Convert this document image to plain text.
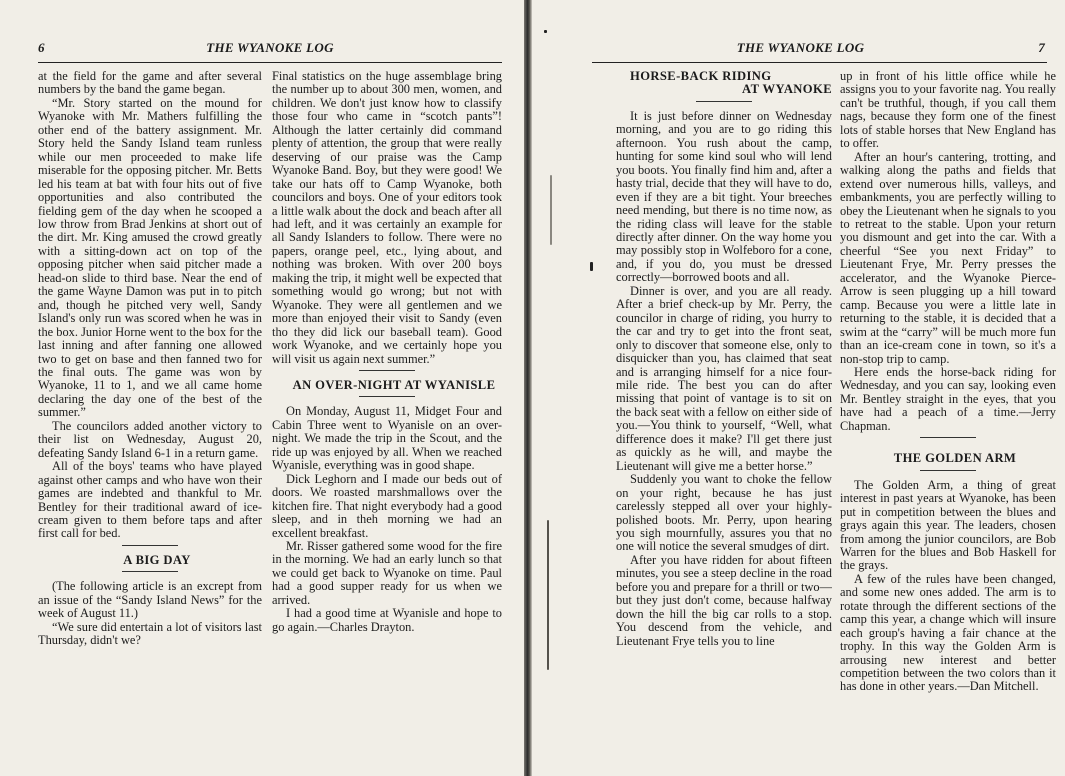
6	THE WYANOKE LOG

at the field for the game and after several numbers by the band the game began.

“Mr. Story started on the mound for Wyanoke with Mr. Mathers fulfilling the other end of the battery assignment. Mr. Story held the Sandy Island team runless while our men proceeded to make life miserable for the opposing pitcher. Mr. Betts led his team at bat with four hits out of five opportunities and also contributed the fielding gem of the day when he scooped a low throw from Brad Jenkins at short out of the dirt. Mr. King amused the crowd greatly with a sitting-down act on top of the opposing pitcher when said pitcher made a head-on slide to third base. Near the end of the game Wayne Damon was put in to pitch and, though he pitched very well, Sandy Island's only run was scored when he was in the box. Junior Horne went to the box for the last inning and after fanning one allowed two to get on base and then fanned two for the final outs. The game was won by Wyanoke, 11 to 1, and we all came home declaring the day one of the best of the summer.”

The councilors added another victory to their list on Wednesday, August 20, defeating Sandy Island 6-1 in a return game.

All of the boys' teams who have played against other camps and who have won their games are indebted and thankful to Mr. Bentley for their traditional award of ice-cream given to them before taps and after first call for bed.

A BIG DAY

(The following article is an excrept from an issue of the “Sandy Island News” for the week of August 11.)

“We sure did entertain a lot of visitors last Thursday, didn't we?

Final statistics on the huge assemblage bring the number up to about 300 men, women, and children. We don't just know how to classify those four who came in “scotch pants”! Although the latter certainly did command plenty of attention, the group that were really deserving of our praise was the Camp Wyanoke Band. Boy, but they were good! We take our hats off to Camp Wyanoke, both councilors and boys. One of your editors took a little walk about the dock and beach after all had left, and it was certainly an example for all Sandy Islanders to follow. There were no papers, orange peel, etc., lying about, and nothing was broken. With over 200 boys making the trip, it might well be expected that something would go wrong; but not with Wyanoke. They were all gentlemen and we more than enjoyed their visit to Sandy (even tho they did lick our baseball team). Good work Wyanoke, and we certainly hope you will visit us again next summer.”

AN OVER-NIGHT AT WYANISLE

On Monday, August 11, Midget Four and Cabin Three went to Wyanisle on an over-night. We made the trip in the Scout, and the ride up was enjoyed by all. When we reached Wyanisle, everything was in good shape.

Dick Leghorn and I made our beds out of doors. We roasted marshmallows over the kitchen fire. That night everybody had a good sleep, and in theh morning we had an excellent breakfast.

Mr. Risser gathered some wood for the fire in the morning. We had an early lunch so that we could get back to Wyanoke on time. Paul had a good supper ready for us when we arrived.

I had a good time at Wyanisle and hope to go again.—Charles Drayton.

THE WYANOKE LOG	7

HORSE-BACK RIDING

AT WYANOKE

It is just before dinner on Wednesday morning, and you are to go riding this afternoon. You rush about the camp, hunting for some kind soul who will lend you boots. You finally find him and, after a hasty trial, decide that they will have to do, even if they are a bit tight. Your breeches need mending, but there is no time now, as the riding class will leave for the stable directly after dinner. On the way home you may possibly stop in Wolfeboro for a cone, and, if you do, you must be dressed correctly—borrowed boots and all.

Dinner is over, and you are all ready. After a brief check-up by Mr. Perry, the councilor in charge of riding, you hurry to the car and try to get into the front seat, only to discover that someone else, only to disquicker than you, has claimed that seat and is arranging himself for a nice four-mile ride. The best you can do after missing that point of vantage is to sit on the back seat with a fellow on either side of you.—You think to yourself, “Well, what difference does it make? I'll get there just as quickly as he will, and maybe the Lieutenant will give me a better horse.”

Suddenly you want to choke the fellow on your right, because he has just carelessly stepped all over your highly-polished boots. Mr. Perry, upon hearing you sigh mournfully, assures you that no one will notice the several smudges of dirt.

After you have ridden for about fifteen minutes, you see a steep decline in the road before you and prepare for a thrill or two—but they just don't come, because halfway down the hill the big car rolls to a stop. You descend from the vehicle, and Lieutenant Frye tells you to line

up in front of his little office while he assigns you to your favorite nag. You really can't be truthful, though, if you call them nags, because they form one of the finest lots of stable horses that New England has to offer.

After an hour's cantering, trotting, and walking along the paths and fields that extend over numerous hills, valleys, and embankments, you are perfectly willing to obey the Lieutenant when he signals to you to retreat to the stable. Upon your return you dismount and get into the car. With a cheerful “See you next Friday” to Lieutenant Frye, Mr. Perry presses the accelerator, and the Wyanoke Pierce-Arrow is seen plugging up a hill toward camp. Because you were a little late in returning to the stable, it is decided that a swim at the “carry” will be much more fun than an ice-cream cone in town, so it's a non-stop trip to camp.

Here ends the horse-back riding for Wednesday, and you can say, looking even Mr. Bentley straight in the eyes, that you have had a peach of a time.—Jerry Chapman.

THE GOLDEN ARM

The Golden Arm, a thing of great interest in past years at Wyanoke, has been put in competition between the blues and grays again this year. The leaders, chosen from among the junior councilors, are Bob Warren for the blues and Bob Haskell for the grays.

A few of the rules have been changed, and some new ones added. The arm is to rotate through the different sections of the camp this year, a change which will insure each group's having a fair chance at the trophy. In this way the Golden Arm is arrousing new interest and better competition between the two colors than it has done in other years.—Dan Mitchell.
